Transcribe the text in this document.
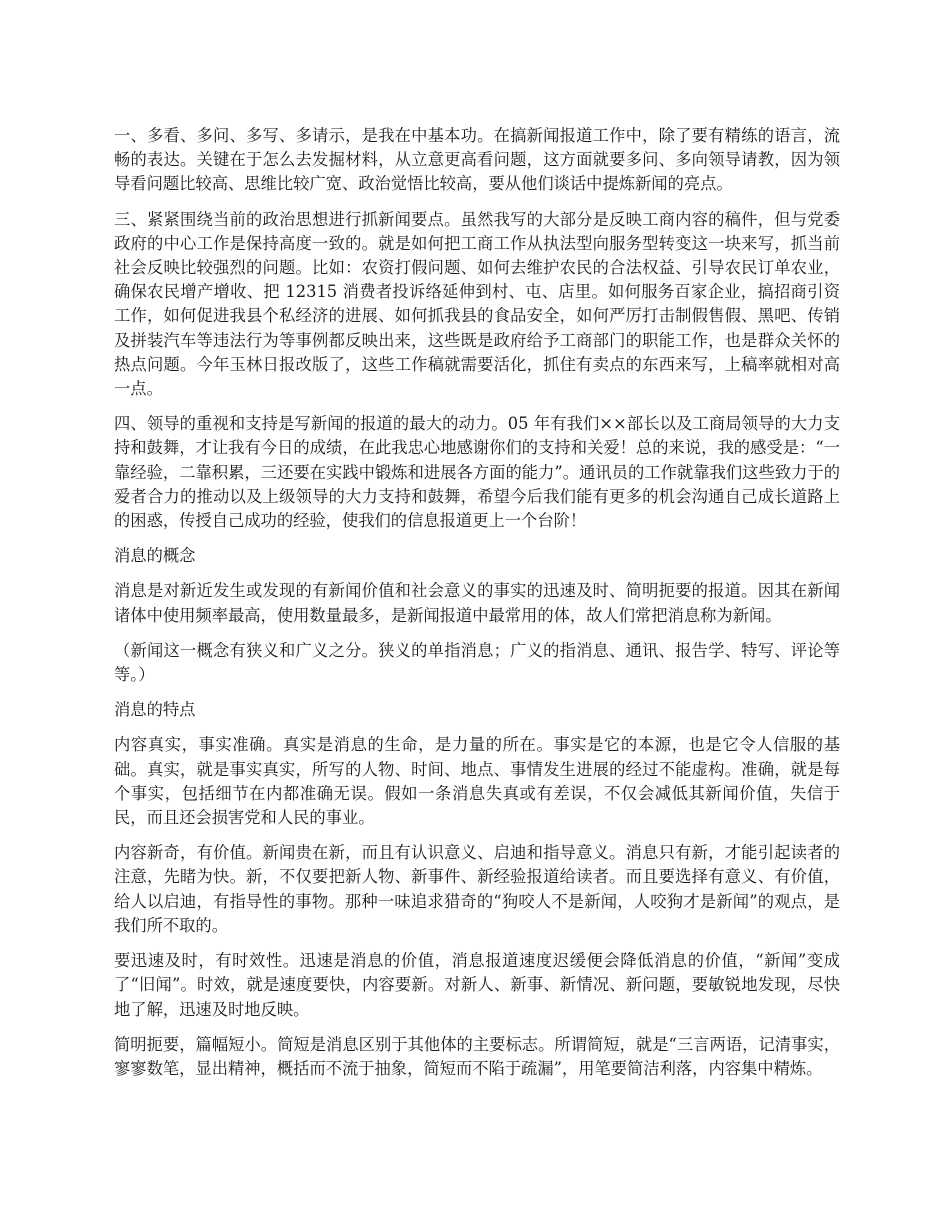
一、多看、多问、多写、多请示，是我在中基本功。在搞新闻报道工作中，除了要有精练的语言，流畅的表达。关键在于怎么去发掘材料，从立意更高看问题，这方面就要多问、多向领导请教，因为领导看问题比较高、思维比较广宽、政治觉悟比较高，要从他们谈话中提炼新闻的亮点。

三、紧紧围绕当前的政治思想进行抓新闻要点。虽然我写的大部分是反映工商内容的稿件，但与党委政府的中心工作是保持高度一致的。就是如何把工商工作从执法型向服务型转变这一块来写，抓当前社会反映比较强烈的问题。比如：农资打假问题、如何去维护农民的合法权益、引导农民订单农业，确保农民增产增收、把 12315 消费者投诉络延伸到村、屯、店里。如何服务百家企业，搞招商引资工作，如何促进我县个私经济的进展、如何抓我县的食品安全，如何严厉打击制假售假、黑吧、传销及拼装汽车等违法行为等事例都反映出来，这些既是政府给予工商部门的职能工作，也是群众关怀的热点问题。今年玉林日报改版了，这些工作稿就需要活化，抓住有卖点的东西来写，上稿率就相对高一点。

四、领导的重视和支持是写新闻的报道的最大的动力。05 年有我们××部长以及工商局领导的大力支持和鼓舞，才让我有今日的成绩，在此我忠心地感谢你们的支持和关爱！总的来说，我的感受是：“一靠经验，二靠积累，三还要在实践中锻炼和进展各方面的能力”。通讯员的工作就靠我们这些致力于的爱者合力的推动以及上级领导的大力支持和鼓舞，希望今后我们能有更多的机会沟通自己成长道路上的困惑，传授自己成功的经验，使我们的信息报道更上一个台阶！

消息的概念

消息是对新近发生或发现的有新闻价值和社会意义的事实的迅速及时、简明扼要的报道。因其在新闻诸体中使用频率最高，使用数量最多，是新闻报道中最常用的体，故人们常把消息称为新闻。

（新闻这一概念有狭义和广义之分。狭义的单指消息；广义的指消息、通讯、报告学、特写、评论等等。）

消息的特点

内容真实，事实准确。真实是消息的生命，是力量的所在。事实是它的本源，也是它令人信服的基础。真实，就是事实真实，所写的人物、时间、地点、事情发生进展的经过不能虚构。准确，就是每个事实，包括细节在内都准确无误。假如一条消息失真或有差误，不仅会减低其新闻价值，失信于民，而且还会损害党和人民的事业。

内容新奇，有价值。新闻贵在新，而且有认识意义、启迪和指导意义。消息只有新，才能引起读者的注意，先睹为快。新，不仅要把新人物、新事件、新经验报道给读者。而且要选择有意义、有价值，给人以启迪，有指导性的事物。那种一味追求猎奇的“狗咬人不是新闻，人咬狗才是新闻”的观点，是我们所不取的。

要迅速及时，有时效性。迅速是消息的价值，消息报道速度迟缓便会降低消息的价值，“新闻”变成了“旧闻”。时效，就是速度要快，内容要新。对新人、新事、新情况、新问题，要敏锐地发现，尽快地了解，迅速及时地反映。

简明扼要，篇幅短小。简短是消息区别于其他体的主要标志。所谓简短，就是“三言两语，记清事实，寥寥数笔，显出精神，概括而不流于抽象，简短而不陷于疏漏”，用笔要简洁利落，内容集中精炼。
